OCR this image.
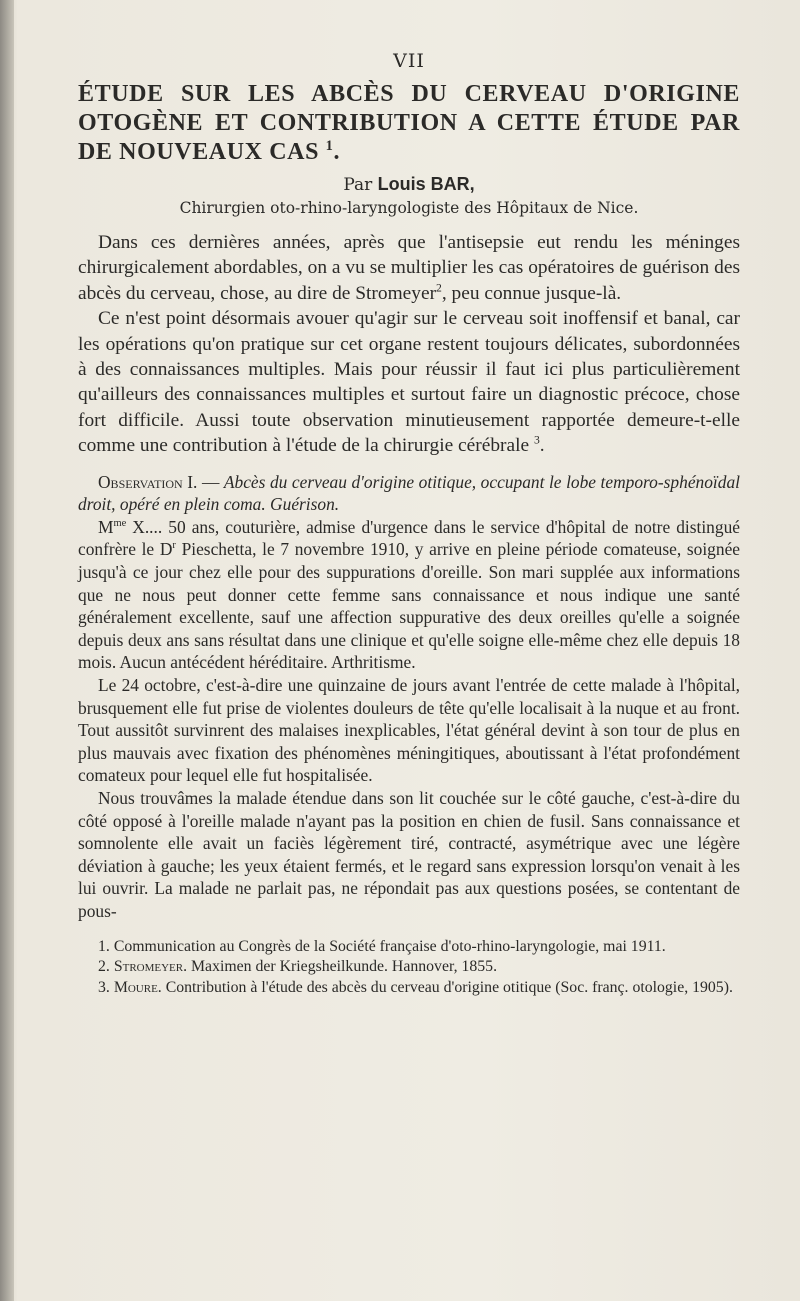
VII
ÉTUDE SUR LES ABCÈS DU CERVEAU D'ORIGINE OTOGÈNE ET CONTRIBUTION A CETTE ÉTUDE PAR DE NOUVEAUX CAS $^1$.
Par Louis BAR,
Chirurgien oto-rhino-laryngologiste des Hôpitaux de Nice.

Dans ces dernières années, après que l'antisepsie eut rendu les méninges chirurgicalement abordables, on a vu se multiplier les cas opératoires de guérison des abcès du cerveau, chose, au dire de Stromeyer$^2$, peu connue jusque-là.

Ce n'est point désormais avouer qu'agir sur le cerveau soit inoffensif et banal, car les opérations qu'on pratique sur cet organe restent toujours délicates, subordonnées à des connaissances multiples. Mais pour réussir il faut ici plus particulièrement qu'ailleurs des connaissances multiples et surtout faire un diagnostic précoce, chose fort difficile. Aussi toute observation minutieusement rapportée demeure-t-elle comme une contribution à l'étude de la chirurgie cérébrale $^3$.

Observation I. — Abcès du cerveau d'origine otitique, occupant le lobe temporo-sphénoïdal droit, opéré en plein coma. Guérison.

$M^{me}$ X.... 50 ans, couturière, admise d'urgence dans le service d'hôpital de notre distingué confrère le $D^r$ Pieschetta, le 7 novembre 1910, y arrive en pleine période comateuse, soignée jusqu'à ce jour chez elle pour des suppurations d'oreille. Son mari supplée aux informations que ne nous peut donner cette femme sans connaissance et nous indique une santé généralement excellente, sauf une affection suppurative des deux oreilles qu'elle a soignée depuis deux ans sans résultat dans une clinique et qu'elle soigne elle-même chez elle depuis 18 mois. Aucun antécédent héréditaire. Arthritisme.

Le 24 octobre, c'est-à-dire une quinzaine de jours avant l'entrée de cette malade à l'hôpital, brusquement elle fut prise de violentes douleurs de tête qu'elle localisait à la nuque et au front. Tout aussitôt survinrent des malaises inexplicables, l'état général devint à son tour de plus en plus mauvais avec fixation des phénomènes méningitiques, aboutissant à l'état profondément comateux pour lequel elle fut hospitalisée.

Nous trouvâmes la malade étendue dans son lit couchée sur le côté gauche, c'est-à-dire du côté opposé à l'oreille malade n'ayant pas la position en chien de fusil. Sans connaissance et somnolente elle avait un faciès légèrement tiré, contracté, asymétrique avec une légère déviation à gauche; les yeux étaient fermés, et le regard sans expression lorsqu'on venait à les lui ouvrir. La malade ne parlait pas, ne répondait pas aux questions posées, se contentant de pous-

1. Communication au Congrès de la Société française d'oto-rhino-laryngologie, mai 1911.

2. Stromeyer. Maximen der Kriegsheilkunde. Hannover, 1855.

3. Moure. Contribution à l'étude des abcès du cerveau d'origine otitique (Soc. franç. otologie, 1905).
